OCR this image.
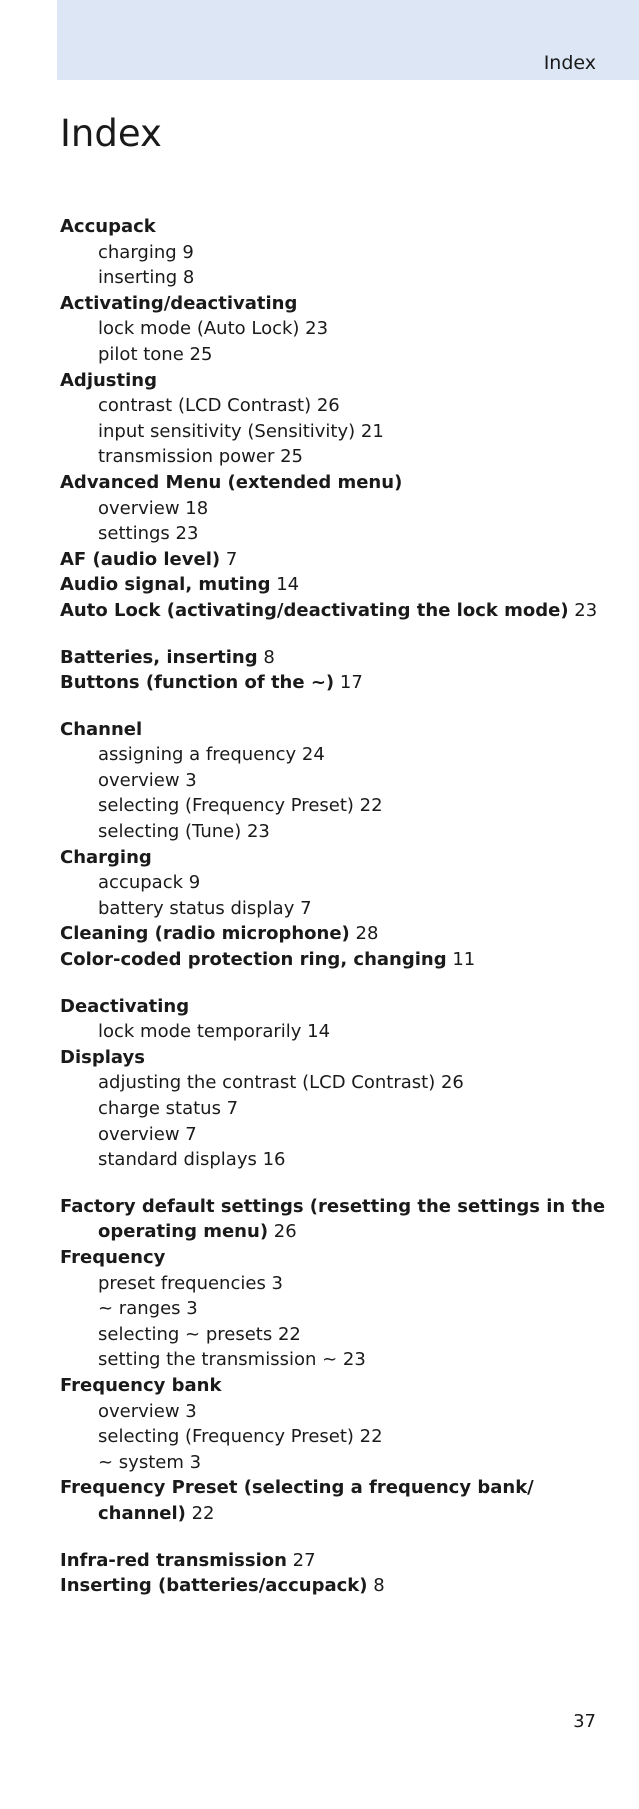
Index
Index
Accupack
charging 9
inserting 8
Activating/deactivating
lock mode (Auto Lock) 23
pilot tone 25
Adjusting
contrast (LCD Contrast) 26
input sensitivity (Sensitivity) 21
transmission power 25
Advanced Menu (extended menu)
overview 18
settings 23
AF (audio level) 7
Audio signal, muting 14
Auto Lock (activating/deactivating the lock mode) 23
Batteries, inserting 8
Buttons (function of the ~) 17
Channel
assigning a frequency 24
overview 3
selecting (Frequency Preset) 22
selecting (Tune) 23
Charging
accupack 9
battery status display 7
Cleaning (radio microphone) 28
Color-coded protection ring, changing 11
Deactivating
lock mode temporarily 14
Displays
adjusting the contrast (LCD Contrast) 26
charge status 7
overview 7
standard displays 16
Factory default settings (resetting the settings in the operating menu) 26
Frequency
preset frequencies 3
~ ranges 3
selecting ~ presets 22
setting the transmission ~ 23
Frequency bank
overview 3
selecting (Frequency Preset) 22
~ system 3
Frequency Preset (selecting a frequency bank/ channel) 22
Infra-red transmission 27
Inserting (batteries/accupack) 8
37
